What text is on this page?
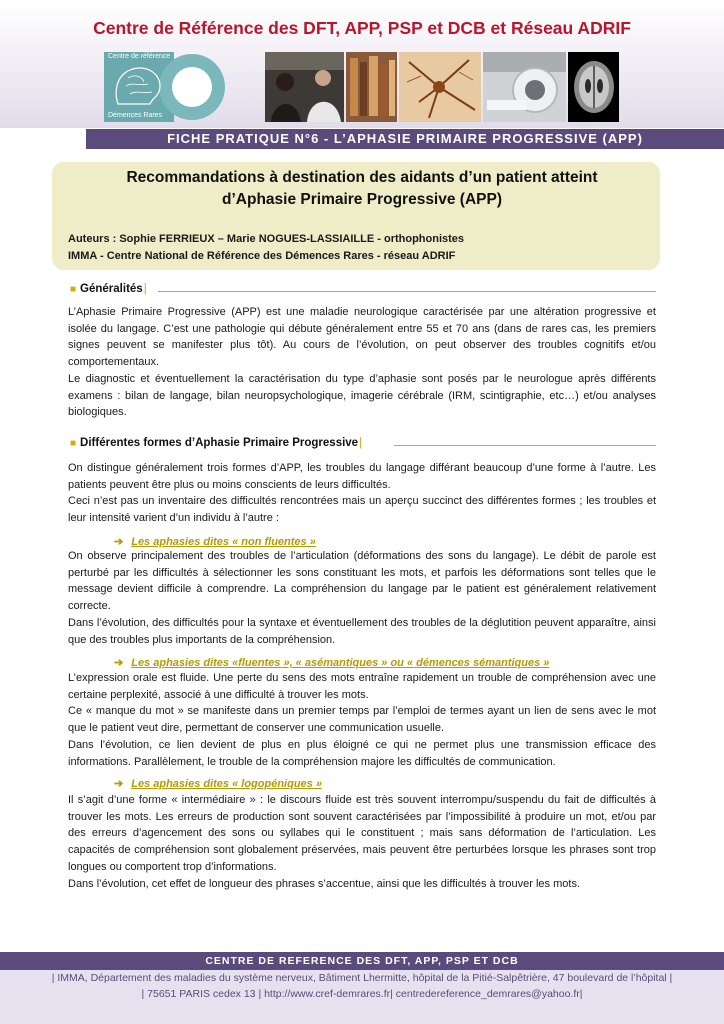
Centre de Référence des DFT, APP, PSP et DCB et Réseau ADRIF
Centre de référence
Démences Rares
FICHE PRATIQUE N°6 - L’APHASIE PRIMAIRE PROGRESSIVE (APP)
Recommandations à destination des aidants d’un patient atteint
d’Aphasie Primaire Progressive (APP)
Auteurs : Sophie FERRIEUX – Marie NOGUES-LASSIAILLE - orthophonistes
IMMA - Centre National de Référence des Démences Rares - réseau ADRIF
■ Généralités |

L’Aphasie Primaire Progressive (APP) est une maladie neurologique caractérisée par une altération progressive et isolée du langage. C’est une pathologie qui débute généralement entre 55 et 70 ans (dans de rares cas, les premiers signes peuvent se manifester plus tôt). Au cours de l’évolution, on peut observer des troubles cognitifs et/ou comportementaux.

Le diagnostic et éventuellement la caractérisation du type d’aphasie sont posés par le neurologue après différents examens : bilan de langage, bilan neuropsychologique, imagerie cérébrale (IRM, scintigraphie, etc…) et/ou analyses biologiques.

■ Différentes formes d’Aphasie Primaire Progressive |

On distingue généralement trois formes d’APP, les troubles du langage différant beaucoup d’une forme à l’autre. Les patients peuvent être plus ou moins conscients de leurs difficultés.

Ceci n’est pas un inventaire des difficultés rencontrées mais un aperçu succinct des différentes formes ; les troubles et leur intensité varient d’un individu à l’autre :

➔ Les aphasies dites « non fluentes »

On observe principalement des troubles de l’articulation (déformations des sons du langage). Le débit de parole est perturbé par les difficultés à sélectionner les sons constituant les mots, et parfois les déformations sont telles que le message devient difficile à comprendre. La compréhension du langage par le patient est généralement relativement correcte.

Dans l’évolution, des difficultés pour la syntaxe et éventuellement des troubles de la déglutition peuvent apparaître, ainsi que des troubles plus importants de la compréhension.

➔ Les aphasies dites «fluentes », « asémantiques » ou « démences sémantiques »

L’expression orale est fluide. Une perte du sens des mots entraîne rapidement un trouble de compréhension avec une certaine perplexité, associé à une difficulté à trouver les mots.

Ce « manque du mot » se manifeste dans un premier temps par l’emploi de termes ayant un lien de sens avec le mot que le patient veut dire, permettant de conserver une communication usuelle.

Dans l’évolution, ce lien devient de plus en plus éloigné ce qui ne permet plus une transmission efficace des informations. Parallèlement, le trouble de la compréhension majore les difficultés de communication.

➔ Les aphasies dites « logopéniques »

Il s’agit d’une forme « intermédiaire » : le discours fluide est très souvent interrompu/suspendu du fait de difficultés à trouver les mots. Les erreurs de production sont souvent caractérisées par l’impossibilité à produire un mot, et/ou par des erreurs d’agencement des sons ou syllabes qui le constituent ; mais sans déformation de l’articulation. Les capacités de compréhension sont globalement préservées, mais peuvent être perturbées lorsque les phrases sont trop longues ou comportent trop d’informations.

Dans l’évolution, cet effet de longueur des phrases s’accentue, ainsi que les difficultés à trouver les mots.

CENTRE DE REFERENCE DES DFT, APP, PSP ET DCB
| IMMA, Département des maladies du système nerveux, Bâtiment Lhermitte, hôpital de la Pitié-Salpêtrière, 47 boulevard de l’hôpital |
| 75651 PARIS cedex 13 | http://www.cref-demrares.fr| centredereference_demrares@yahoo.fr|
